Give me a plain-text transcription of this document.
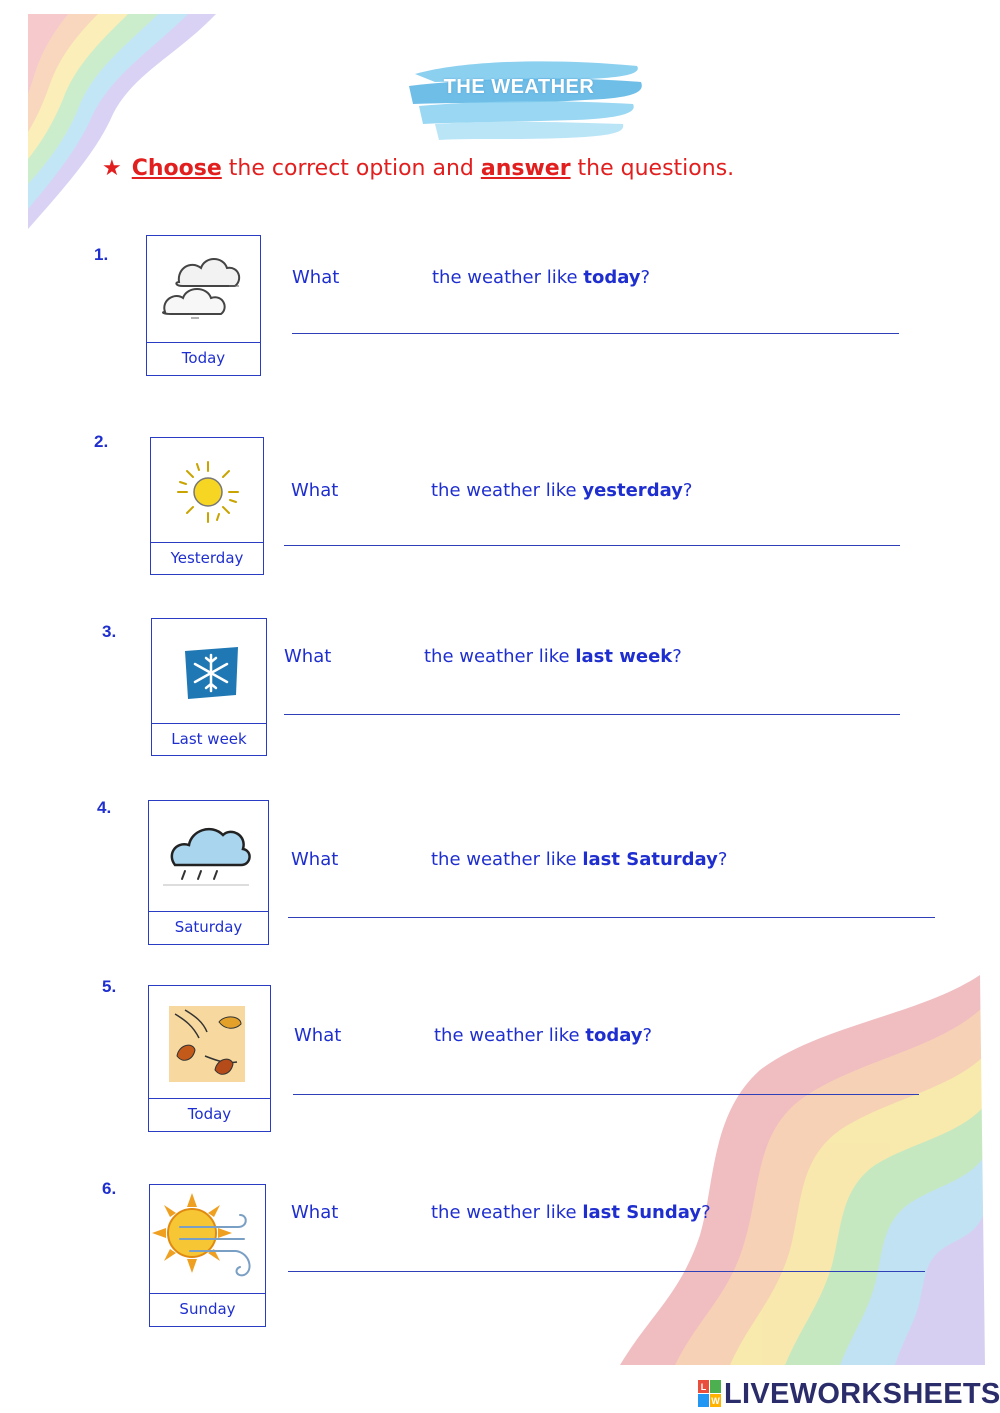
THE WEATHER
★ Choose the correct option and answer the questions.
1.
Today
What	the weather like today?
2.
Yesterday
What	the weather like yesterday?
3.
Last week
What	the weather like last week?
4.
Saturday
What	the weather like last Saturday?
5.
Today
What	the weather like today?
6.
Sunday
What	the weather like last Sunday?
L
W LIVEWORKSHEETS
